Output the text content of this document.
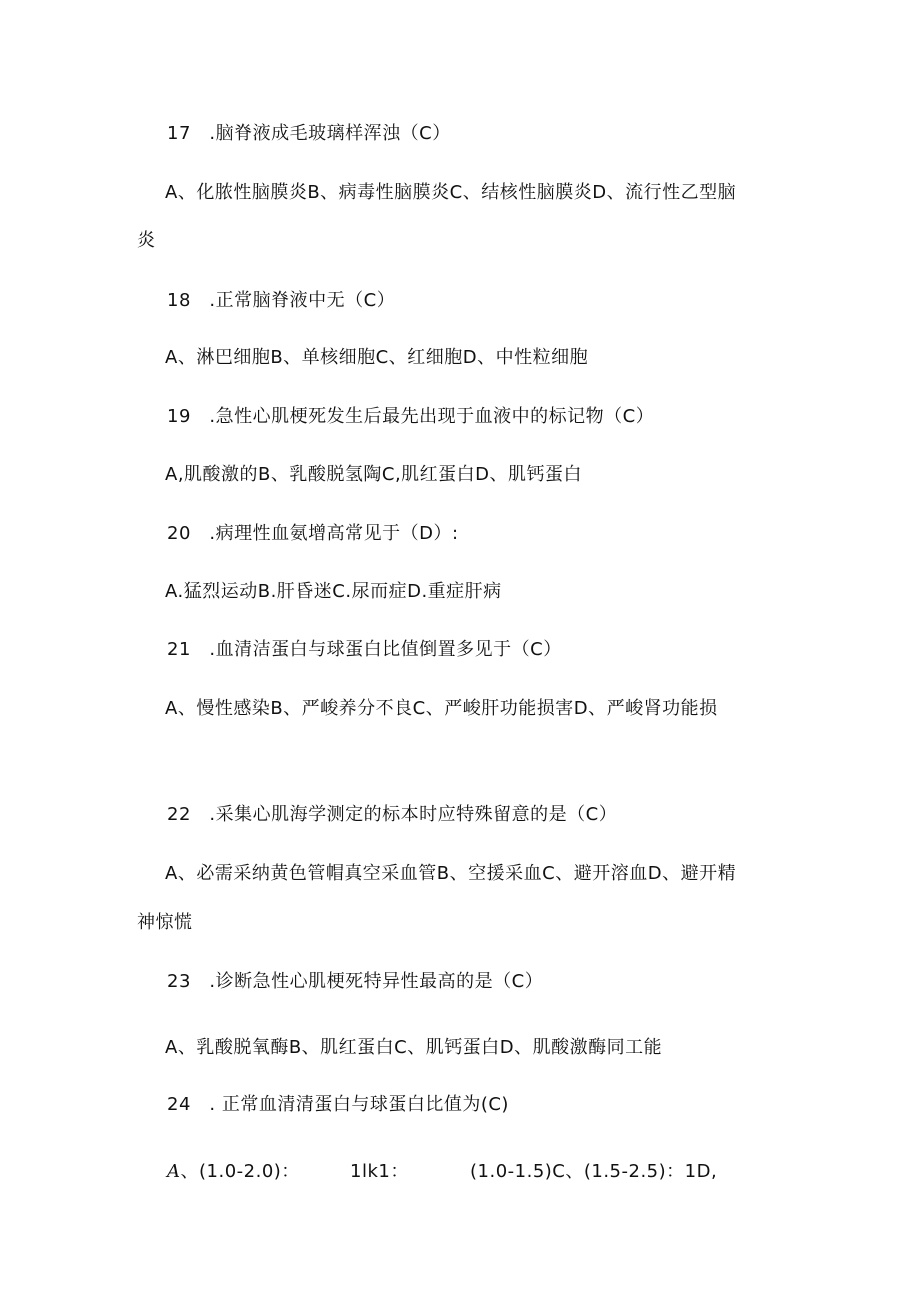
17　.脑脊液成毛玻璃样浑浊（C）
A、化脓性脑膜炎B、病毒性脑膜炎C、结核性脑膜炎D、流行性乙型脑
炎
18　.正常脑脊液中无（C）
A、淋巴细胞B、单核细胞C、红细胞D、中性粒细胞
19　.急性心肌梗死发生后最先出现于血液中的标记物（C）
A,肌酸激的B、乳酸脱氢陶C,肌红蛋白D、肌钙蛋白
20　.病理性血氨增高常见于（D）:
A.猛烈运动B.肝昏迷C.尿而症D.重症肝病
21　.血清洁蛋白与球蛋白比值倒置多见于（C）
A、慢性感染B、严峻养分不良C、严峻肝功能损害D、严峻肾功能损
22　.采集心肌海学测定的标本时应特殊留意的是（C）
A、必需采纳黄色管帽真空采血管B、空援采血C、避开溶血D、避开精
神惊慌
23　.诊断急性心肌梗死特异性最高的是（C）
A、乳酸脱氧酶B、肌红蛋白C、肌钙蛋白D、肌酸激酶同工能
24　. 正常血清清蛋白与球蛋白比值为(C)
A、(1.0-2.0)：	1lk1：	(1.0-1.5)C、(1.5-2.5)：1D,
